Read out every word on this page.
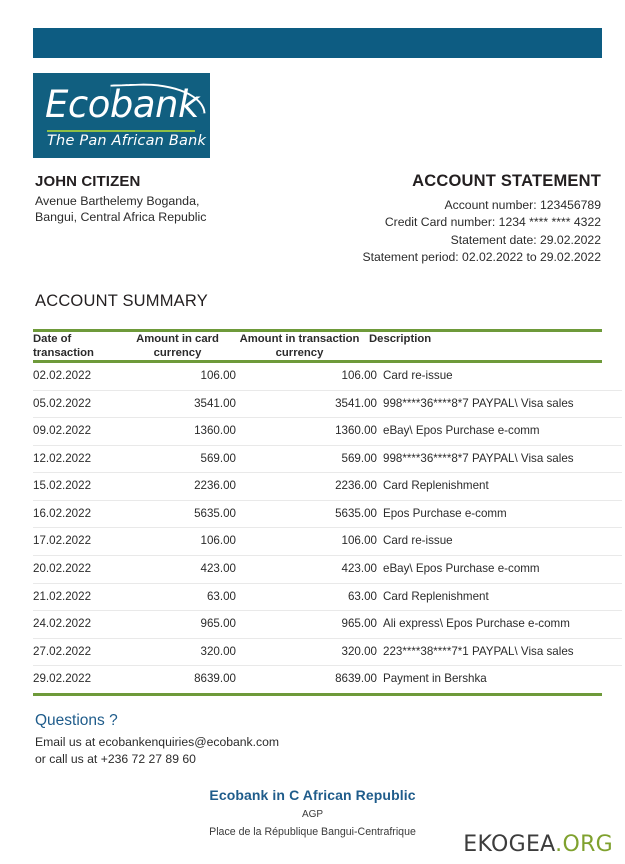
Ecobank
The Pan African Bank
JOHN CITIZEN
Avenue Barthelemy Boganda,
Bangui, Central Africa Republic
ACCOUNT STATEMENT
Account number: 123456789
Credit Card number: 1234 **** **** 4322
Statement date: 29.02.2022
Statement period: 02.02.2022 to 29.02.2022
ACCOUNT SUMMARY
Date of
transaction

Amount in card
currency

Amount in transaction
currency

Description
02.02.2022	106.00	106.00	Card re-issue
05.02.2022	3541.00	3541.00	998****36****8*7 PAYPAL\ Visa sales
09.02.2022	1360.00	1360.00	eBay\ Epos Purchase e-comm
12.02.2022	569.00	569.00	998****36****8*7 PAYPAL\ Visa sales
15.02.2022	2236.00	2236.00	Card Replenishment
16.02.2022	5635.00	5635.00	Epos Purchase e-comm
17.02.2022	106.00	106.00	Card re-issue
20.02.2022	423.00	423.00	eBay\ Epos Purchase e-comm
21.02.2022	63.00	63.00	Card Replenishment
24.02.2022	965.00	965.00	Ali express\ Epos Purchase e-comm
27.02.2022	320.00	320.00	223****38****7*1 PAYPAL\ Visa sales
29.02.2022	8639.00	8639.00	Payment in Bershka
Questions ?
Email us at ecobankenquiries@ecobank.com
or call us at +236 72 27 89 60
Ecobank in C African Republic
AGP
Place de la République Bangui-Centrafrique	EKOGEA.ORG
